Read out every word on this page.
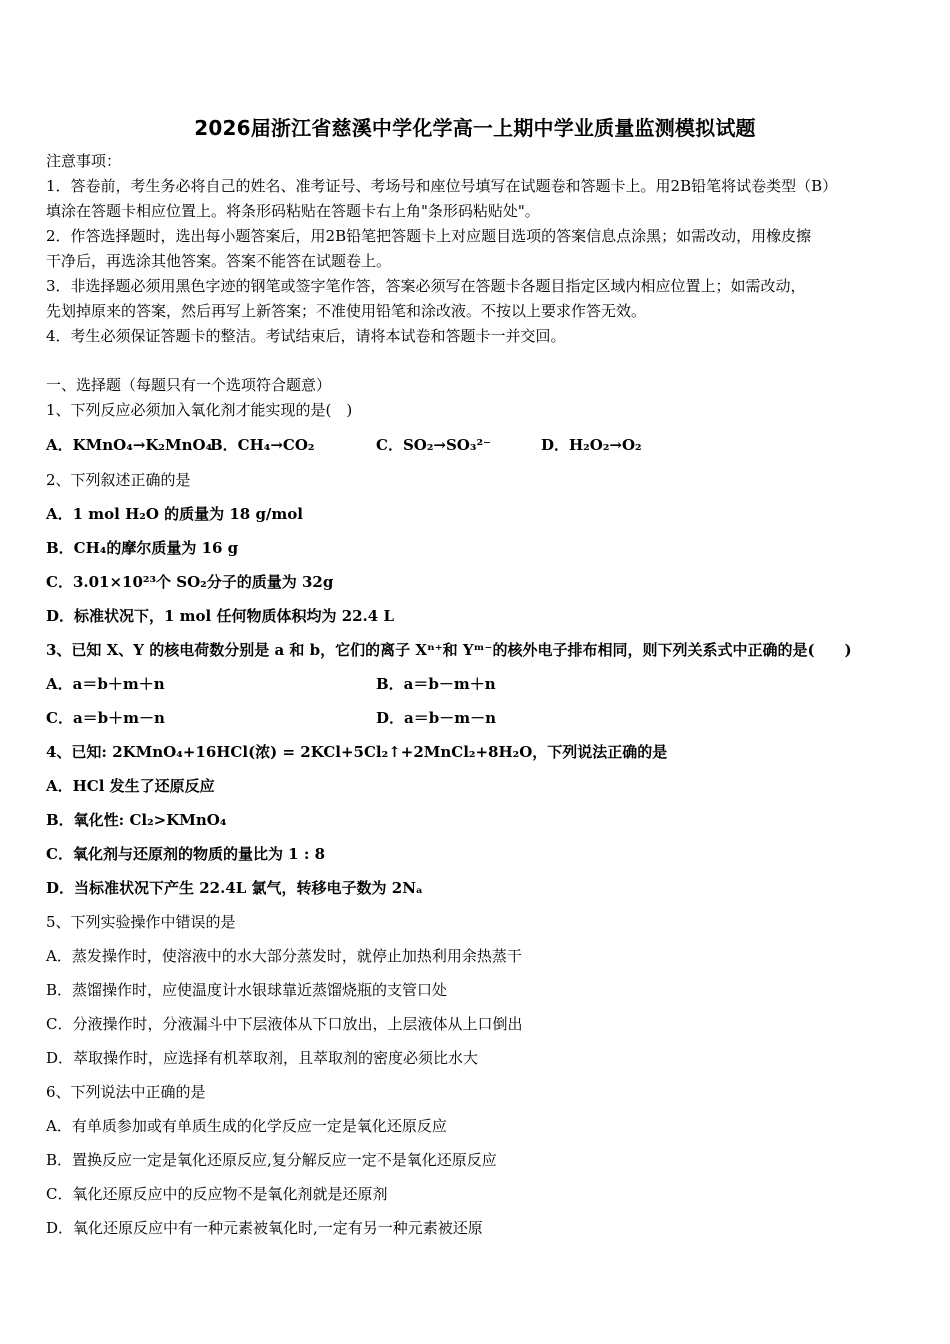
2026届浙江省慈溪中学化学高一上期中学业质量监测模拟试题
注意事项：
1．答卷前，考生务必将自己的姓名、准考证号、考场号和座位号填写在试题卷和答题卡上。用2B铅笔将试卷类型（B）
填涂在答题卡相应位置上。将条形码粘贴在答题卡右上角"条形码粘贴处"。
2．作答选择题时，选出每小题答案后，用2B铅笔把答题卡上对应题目选项的答案信息点涂黑；如需改动，用橡皮擦
干净后，再选涂其他答案。答案不能答在试题卷上。
3．非选择题必须用黑色字迹的钢笔或签字笔作答，答案必须写在答题卡各题目指定区域内相应位置上；如需改动，
先划掉原来的答案，然后再写上新答案；不准使用铅笔和涂改液。不按以上要求作答无效。
4．考生必须保证答题卡的整洁。考试结束后，请将本试卷和答题卡一并交回。
一、选择题（每题只有一个选项符合题意）
1、下列反应必须加入氧化剂才能实现的是(　)
A．KMnO₄→K₂MnO₄
B．CH₄→CO₂	C．SO₂→SO₃²⁻	D．H₂O₂→O₂
2、下列叙述正确的是
A．1 mol H₂O 的质量为 18 g/mol
B．CH₄的摩尔质量为 16 g
C．3.01×10²³个 SO₂分子的质量为 32g
D．标准状况下，1 mol 任何物质体积均为 22.4 L
3、已知 X、Y 的核电荷数分别是 a 和 b，它们的离子 Xⁿ⁺和 Yᵐ⁻的核外电子排布相同，则下列关系式中正确的是(　　)
A．a＝b＋m＋n	B．a＝b－m＋n
C．a＝b＋m－n	D．a＝b－m－n
4、已知: 2KMnO₄+16HCl(浓) = 2KCl+5Cl₂↑+2MnCl₂+8H₂O，下列说法正确的是
A．HCl 发生了还原反应
B．氧化性: Cl₂>KMnO₄
C．氧化剂与还原剂的物质的量比为 1 : 8
D．当标准状况下产生 22.4L 氯气，转移电子数为 2Nₐ
5、下列实验操作中错误的是
A．蒸发操作时，使溶液中的水大部分蒸发时，就停止加热利用余热蒸干
B．蒸馏操作时，应使温度计水银球靠近蒸馏烧瓶的支管口处
C．分液操作时，分液漏斗中下层液体从下口放出，上层液体从上口倒出
D．萃取操作时，应选择有机萃取剂，且萃取剂的密度必须比水大
6、下列说法中正确的是
A．有单质参加或有单质生成的化学反应一定是氧化还原反应
B．置换反应一定是氧化还原反应,复分解反应一定不是氧化还原反应
C．氧化还原反应中的反应物不是氧化剂就是还原剂
D．氧化还原反应中有一种元素被氧化时,一定有另一种元素被还原
